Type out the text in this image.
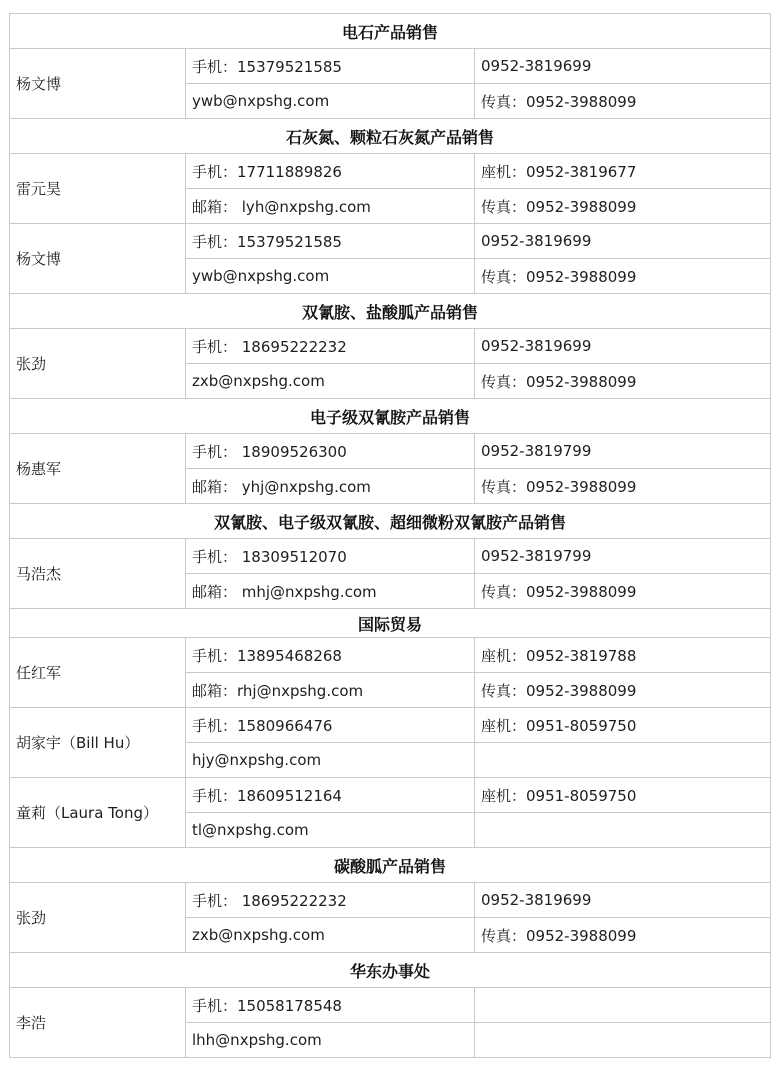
电石产品销售		
杨文博	手机：15379521585	0952-3819699
	ywb@nxpshg.com	传真：0952-3988099
石灰氮、颗粒石灰氮产品销售		
雷元昊	手机：17711889826	座机：0952-3819677
	邮箱： lyh@nxpshg.com	传真：0952-3988099
杨文博	手机：15379521585	0952-3819699
	ywb@nxpshg.com	传真：0952-3988099
双氰胺、盐酸胍产品销售		
张劲	手机： 18695222232	0952-3819699
	zxb@nxpshg.com	传真：0952-3988099
电子级双氰胺产品销售		
杨惠军	手机： 18909526300	0952-3819799
	邮箱： yhj@nxpshg.com	传真：0952-3988099
双氰胺、电子级双氰胺、超细微粉双氰胺产品销售		
马浩杰	手机： 18309512070	0952-3819799
	邮箱： mhj@nxpshg.com	传真：0952-3988099
国际贸易		
任红军	手机：13895468268	座机：0952-3819788
	邮箱：rhj@nxpshg.com	传真：0952-3988099
胡家宇（Bill Hu）	手机：1580966476	座机：0951-8059750
	hjy@nxpshg.com	
童莉（Laura Tong）	手机：18609512164	座机：0951-8059750
	tl@nxpshg.com	
碳酸胍产品销售		
张劲	手机： 18695222232	0952-3819699
	zxb@nxpshg.com	传真：0952-3988099
华东办事处		
李浩	手机：15058178548	
	lhh@nxpshg.com	
